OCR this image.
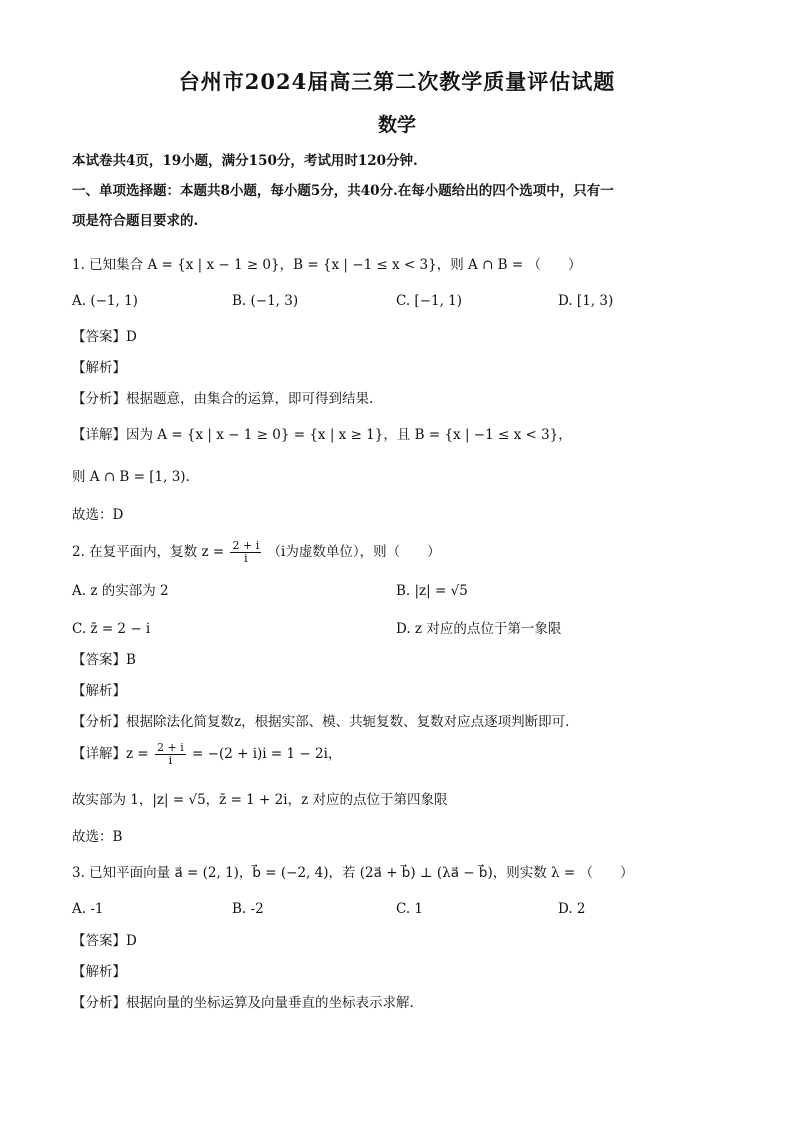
台州市2024届高三第二次教学质量评估试题
数学
本试卷共4页，19小题，满分150分，考试用时120分钟.
一、单项选择题：本题共8小题，每小题5分，共40分.在每小题给出的四个选项中，只有一
项是符合题目要求的.
1. 已知集合 A = {x | x − 1 ≥ 0}，B = {x | −1 ≤ x < 3}，则 A ∩ B = （　　）
A. (−1, 1)	B. (−1, 3)	C. [−1, 1)	D. [1, 3)
【答案】D
【解析】
【分析】根据题意，由集合的运算，即可得到结果.
【详解】因为 A = {x | x − 1 ≥ 0} = {x | x ≥ 1}，且 B = {x | −1 ≤ x < 3}，
则 A ∩ B = [1, 3).
故选：D
2. 在复平面内，复数 $z = \frac{2 + i}{i} (i$为虚数单位），则（　　）
A. z 的实部为 2	B. |z| = √5
C. z̄ = 2 − i	D. z 对应的点位于第一象限
【答案】B
【解析】
【分析】根据除法化简复数z，根据实部、模、共轭复数、复数对应点逐项判断即可.
【详解】$z = \frac{2 + i}{i} = -(2 + i)i = 1 - 2i$，
故实部为 1，|z| = √5，z̄ = 1 + 2i，z 对应的点位于第四象限
故选：B
3. 已知平面向量 a⃗ = (2, 1)，b⃗ = (−2, 4)，若 (2a⃗ + b⃗) ⊥ (λa⃗ − b⃗)，则实数 λ = （　　）
A. -1	B. -2	C. 1	D. 2
【答案】D
【解析】
【分析】根据向量的坐标运算及向量垂直的坐标表示求解.
